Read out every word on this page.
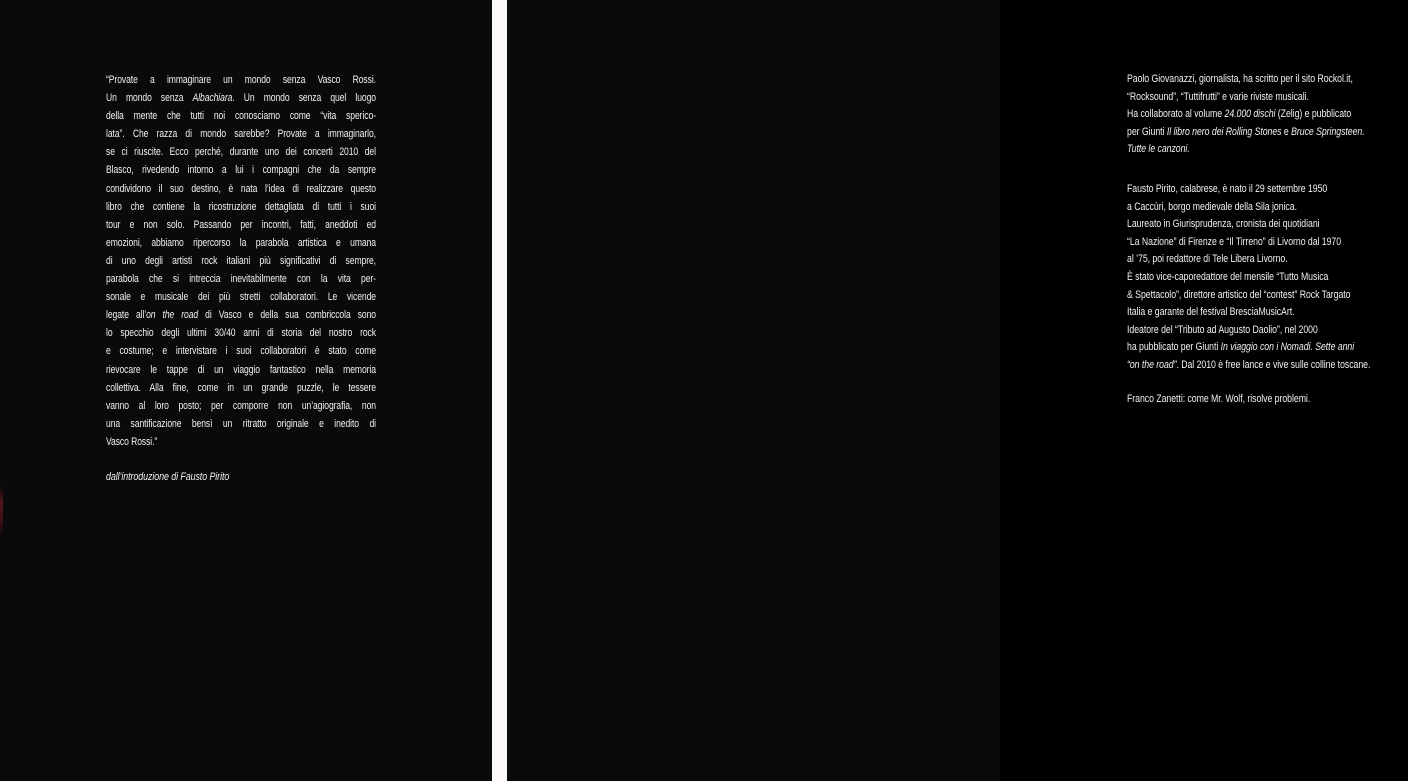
“Provate a immaginare un mondo senza Vasco Rossi.
Un mondo senza Albachiara. Un mondo senza quel luogo
della mente che tutti noi conosciamo come “vita sperico-
lata”. Che razza di mondo sarebbe? Provate a immaginarlo,
se ci riuscite. Ecco perché, durante uno dei concerti 2010 del
Blasco, rivedendo intorno a lui i compagni che da sempre
condividono il suo destino, è nata l’idea di realizzare questo
libro che contiene la ricostruzione dettagliata di tutti i suoi
tour e non solo. Passando per incontri, fatti, aneddoti ed
emozioni, abbiamo ripercorso la parabola artistica e umana
di uno degli artisti rock italiani più significativi di sempre,
parabola che si intreccia inevitabilmente con la vita per-
sonale e musicale dei più stretti collaboratori. Le vicende
legate all’on the road di Vasco e della sua combriccola sono
lo specchio degli ultimi 30/40 anni di storia del nostro rock
e costume; e intervistare i suoi collaboratori è stato come
rievocare le tappe di un viaggio fantastico nella memoria
collettiva. Alla fine, come in un grande puzzle, le tessere
vanno al loro posto; per comporre non un’agiografia, non
una santificazione bensì un ritratto originale e inedito di
Vasco Rossi.”
dall’introduzione di Fausto Pirito
Paolo Giovanazzi, giornalista, ha scritto per il sito Rockol.it,
“Rocksound”, “Tuttifrutti” e varie riviste musicali.
Ha collaborato al volume 24.000 dischi (Zelig) e pubblicato
per Giunti Il libro nero dei Rolling Stones e Bruce Springsteen.
Tutte le canzoni.
Fausto Pirito, calabrese, è nato il 29 settembre 1950
a Caccùri, borgo medievale della Sila jonica.
Laureato in Giurisprudenza, cronista dei quotidiani
“La Nazione” di Firenze e “Il Tirreno” di Livorno dal 1970
al ’75, poi redattore di Tele Libera Livorno.
È stato vice-caporedattore del mensile “Tutto Musica
& Spettacolo”, direttore artistico del “contest” Rock Targato
Italia e garante del festival BresciaMusicArt.
Ideatore del “Tributo ad Augusto Daolio”, nel 2000
ha pubblicato per Giunti In viaggio con i Nomadi. Sette anni
“on the road”. Dal 2010 è free lance e vive sulle colline toscane.
Franco Zanetti: come Mr. Wolf, risolve problemi.
